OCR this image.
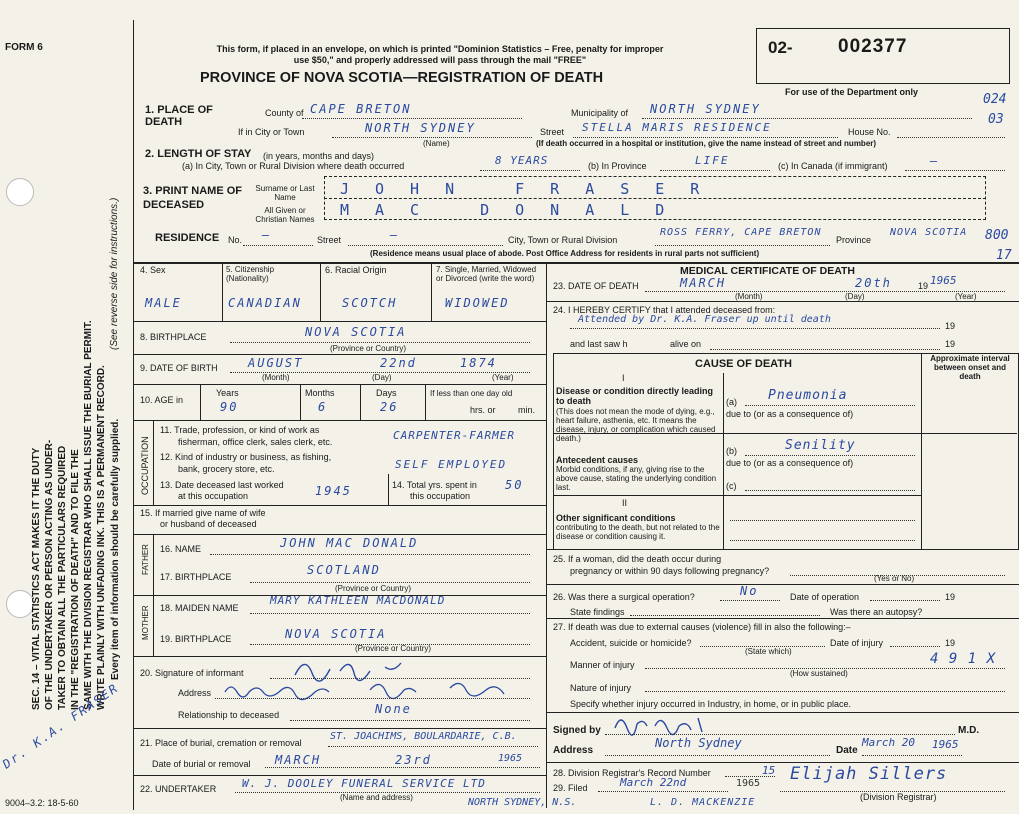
FORM 6
SEC. 14 – VITAL STATISTICS ACT MAKES IT THE DUTY OF THE UNDERTAKER OR PERSON ACTING AS UNDER- TAKER TO OBTAIN ALL THE PARTICULARS REQUIRED IN THE "REGISTRATION OF DEATH" AND TO FILE THE SAME WITH THE DIVISION REGISTRAR WHO SHALL ISSUE THE BURIAL PERMIT. WRITE PLAINLY WITH UNFADING INK. THIS IS A PERMANENT RECORD.
(See reverse side for instructions.)
Every item of information should be carefully supplied.
Dr. K.A. FRASER
This form, if placed in an envelope, on which is printed "Dominion Statistics – Free, penalty for improper
use $50," and properly addressed will pass through the mail "FREE"
PROVINCE OF NOVA SCOTIA—REGISTRATION OF DEATH
02- 002377
For use of the Department only	024
03
800
17
1. PLACE OF DEATH
County of CAPE BRETON	Municipality of NORTH SYDNEY
If in City or Town	NORTH SYDNEY
(Name)
Street STELLA MARIS RESIDENCE	House No.
(If death occurred in a hospital or institution, give the name instead of street and number)
2. LENGTH OF STAY (in years, months and days)
(a) In City, Town or Rural Division where death occurred	8 YEARS	(b) In Province	LIFE	(c) In Canada (if immigrant)	—
3. PRINT NAME OF DECEASED
Surname or Last Name
All Given or Christian Names
JOHN FRASER
MAC DONALD
RESIDENCE No. —	Street	—	City, Town or Rural Division
ROSS FERRY, CAPE BRETON
Province
NOVA SCOTIA
(Residence means usual place of abode. Post Office Address for residents in rural parts not sufficient)
4. Sex	5. Citizenship (Nationality)
6. Racial Origin	7. Single, Married, Widowed or Divorced (write the word)
MALE	CANADIAN	SCOTCH	WIDOWED
8. BIRTHPLACE	NOVA SCOTIA
(Province or Country)
9. DATE OF BIRTH	AUGUST	22nd	1874
(Month)	(Day)	(Year)
10. AGE in
Years	Months	Days	If less than one day old
hrs. or min.
90	6	26
OCCUPATION
11. Trade, profession, or kind of work as
fisherman, office clerk, sales clerk, etc.	CARPENTER-FARMER
12. Kind of industry or business, as fishing,
bank, grocery store, etc.	SELF EMPLOYED
13. Date deceased last worked
at this occupation	1945	14. Total yrs. spent in
this occupation
50
15. If married give name of wife
or husband of deceased
FATHER 16. NAME	JOHN MAC DONALD
17. BIRTHPLACE	SCOTLAND
(Province or Country)
MOTHER 18. MAIDEN NAME
MARY KATHLEEN MACDONALD
19. BIRTHPLACE	NOVA SCOTIA
(Province or Country)
20. Signature of informant
Address
Relationship to deceased	None
21. Place of burial, cremation or removal
ST. JOACHIMS, BOULARDARIE, C.B.
Date of burial or removal MARCH	23rd	1965
22. UNDERTAKER W. J. DOOLEY FUNERAL SERVICE LTD
(Name and address)	NORTH SYDNEY, N.S.
9004–3.2: 18-5-60
MEDICAL CERTIFICATE OF DEATH
23. DATE OF DEATH	MARCH	20th	19 1965
(Month)	(Day)	(Year)
24. I HEREBY CERTIFY that I attended deceased from:
Attended by Dr. K.A. Fraser up until death
19
and last saw h	alive on	19
CAUSE OF DEATH	Approximate interval between onset and death
I
Disease or condition directly leading to death
(This does not mean the mode of dying, e.g., heart failure, asthenia, etc. It means the disease, injury, or complication which caused death.)
(a) Pneumonia
due to (or as a consequence of)
(b)	Senility
due to (or as a consequence of)
Antecedent causes
Morbid conditions, if any, giving rise to the above cause, stating the underlying condition last.	(c)
II
Other significant conditions
contributing to the death, but not related to the disease or condition causing it.
25. If a woman, did the death occur during
pregnancy or within 90 days following pregnancy?
(Yes or No)
26. Was there a surgical operation?	No	Date of operation	19
State findings	Was there an autopsy?
27. If death was due to external causes (violence) fill in also the following:–
Accident, suicide or homicide?
(State which)
Date of injury	19
Manner of injury	4 9 1 X
(How sustained)
Nature of injury
Specify whether injury occurred in Industry, in home, or in public place.
Signed by	M.D.
Address
North Sydney
Date
March 20 1965
28. Division Registrar's Record Number	15
29. Filed	March 22nd	1965 Elijah Sillers
(Division Registrar)
L. D. MACKENZIE
